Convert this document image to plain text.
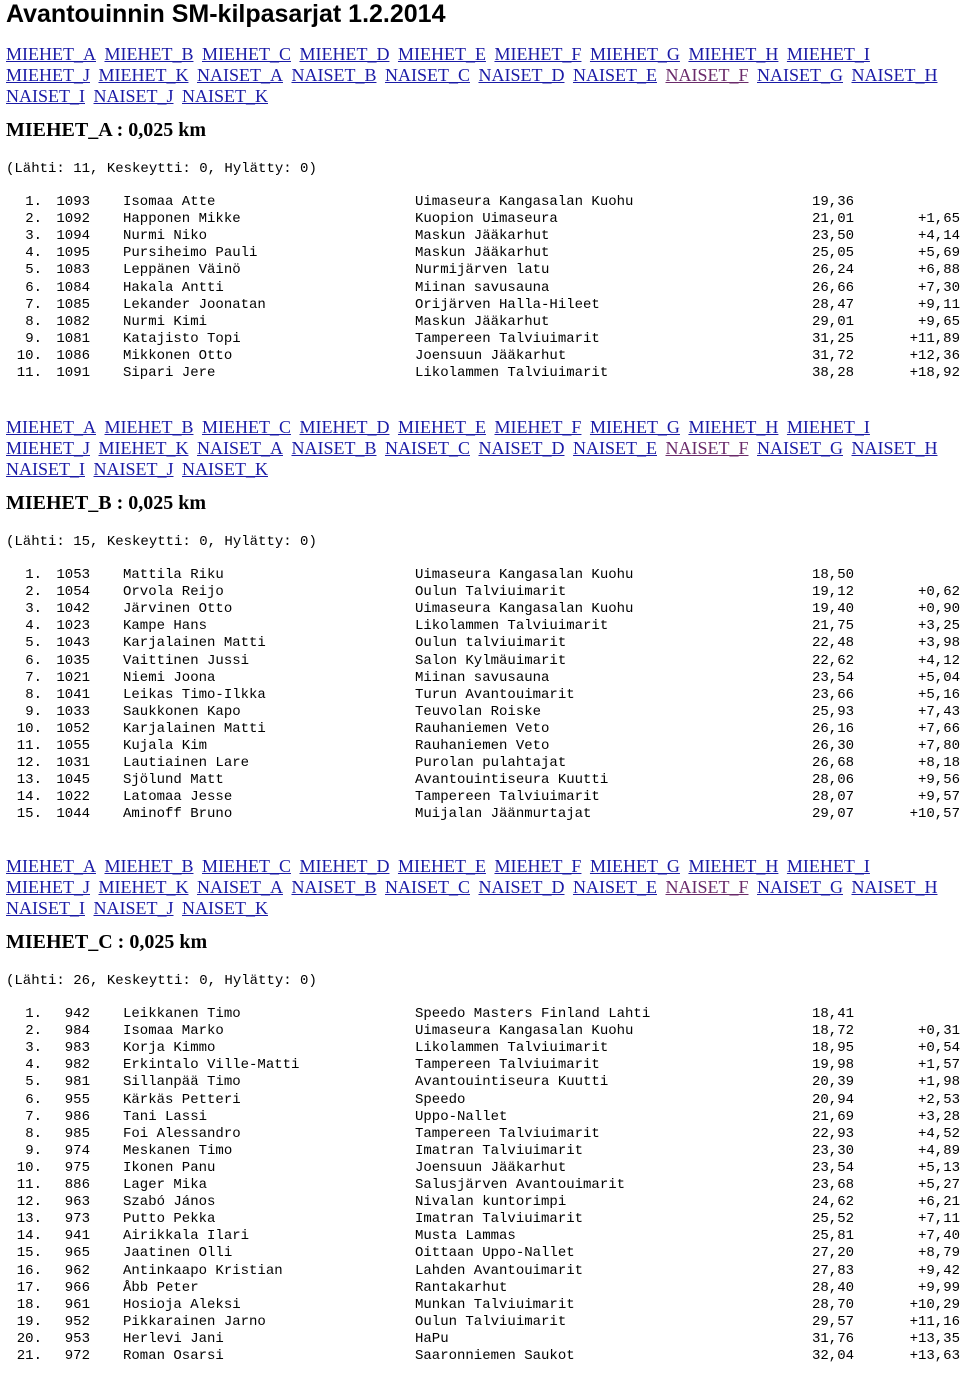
Avantouinnin SM-kilpasarjat 1.2.2014
MIEHET_A MIEHET_B MIEHET_C MIEHET_D MIEHET_E MIEHET_F MIEHET_G MIEHET_H MIEHET_I MIEHET_J MIEHET_K NAISET_A NAISET_B NAISET_C NAISET_D NAISET_E NAISET_F NAISET_G NAISET_H NAISET_I NAISET_J NAISET_K
MIEHET_A : 0,025 km
(Lähti: 11, Keskeytti: 0, Hylätty: 0)
1.	1093 Isomaa Atte	Uimaseura Kangasalan Kuohu	19,36
2.	1092 Happonen Mikke	Kuopion Uimaseura	21,01	+1,65
3.	1094 Nurmi Niko	Maskun Jääkarhut	23,50	+4,14
4.	1095 Pursiheimo Pauli	Maskun Jääkarhut	25,05	+5,69
5.	1083 Leppänen Väinö	Nurmijärven latu	26,24	+6,88
6.	1084 Hakala Antti	Miinan savusauna	26,66	+7,30
7.	1085 Lekander Joonatan	Orijärven Halla-Hileet	28,47	+9,11
8.	1082 Nurmi Kimi	Maskun Jääkarhut	29,01	+9,65
9.	1081 Katajisto Topi	Tampereen Talviuimarit	31,25	+11,89
10.	1086 Mikkonen Otto	Joensuun Jääkarhut	31,72	+12,36
11.	1091 Sipari Jere	Likolammen Talviuimarit	38,28	+18,92
MIEHET_A MIEHET_B MIEHET_C MIEHET_D MIEHET_E MIEHET_F MIEHET_G MIEHET_H MIEHET_I MIEHET_J MIEHET_K NAISET_A NAISET_B NAISET_C NAISET_D NAISET_E NAISET_F NAISET_G NAISET_H NAISET_I NAISET_J NAISET_K
MIEHET_B : 0,025 km
(Lähti: 15, Keskeytti: 0, Hylätty: 0)
1.	1053 Mattila Riku	Uimaseura Kangasalan Kuohu	18,50
2.	1054 Orvola Reijo	Oulun Talviuimarit	19,12	+0,62
3.	1042 Järvinen Otto	Uimaseura Kangasalan Kuohu	19,40	+0,90
4.	1023 Kampe Hans	Likolammen Talviuimarit	21,75	+3,25
5.	1043 Karjalainen Matti	Oulun talviuimarit	22,48	+3,98
6.	1035 Vaittinen Jussi	Salon Kylmäuimarit	22,62	+4,12
7.	1021 Niemi Joona	Miinan savusauna	23,54	+5,04
8.	1041 Leikas Timo-Ilkka	Turun Avantouimarit	23,66	+5,16
9.	1033 Saukkonen Kapo	Teuvolan Roiske	25,93	+7,43
10.	1052 Karjalainen Matti	Rauhaniemen Veto	26,16	+7,66
11.	1055 Kujala Kim	Rauhaniemen Veto	26,30	+7,80
12.	1031 Lautiainen Lare	Purolan pulahtajat	26,68	+8,18
13.	1045 Sjölund Matt	Avantouintiseura Kuutti	28,06	+9,56
14.	1022 Latomaa Jesse	Tampereen Talviuimarit	28,07	+9,57
15.	1044 Aminoff Bruno	Muijalan Jäänmurtajat	29,07	+10,57
MIEHET_A MIEHET_B MIEHET_C MIEHET_D MIEHET_E MIEHET_F MIEHET_G MIEHET_H MIEHET_I MIEHET_J MIEHET_K NAISET_A NAISET_B NAISET_C NAISET_D NAISET_E NAISET_F NAISET_G NAISET_H NAISET_I NAISET_J NAISET_K
MIEHET_C : 0,025 km
(Lähti: 26, Keskeytti: 0, Hylätty: 0)
1.	942 Leikkanen Timo	Speedo Masters Finland Lahti	18,41
2.	984 Isomaa Marko	Uimaseura Kangasalan Kuohu	18,72	+0,31
3.	983 Korja Kimmo	Likolammen Talviuimarit	18,95	+0,54
4.	982 Erkintalo Ville-Matti	Tampereen Talviuimarit	19,98	+1,57
5.	981 Sillanpää Timo	Avantouintiseura Kuutti	20,39	+1,98
6.	955 Kärkäs Petteri	Speedo	20,94	+2,53
7.	986 Tani Lassi	Uppo-Nallet	21,69	+3,28
8.	985 Foi Alessandro	Tampereen Talviuimarit	22,93	+4,52
9.	974 Meskanen Timo	Imatran Talviuimarit	23,30	+4,89
10.	975 Ikonen Panu	Joensuun Jääkarhut	23,54	+5,13
11.	886 Lager Mika	Salusjärven Avantouimarit	23,68	+5,27
12.	963 Szabó János	Nivalan kuntorimpi	24,62	+6,21
13.	973 Putto Pekka	Imatran Talviuimarit	25,52	+7,11
14.	941 Airikkala Ilari	Musta Lammas	25,81	+7,40
15.	965 Jaatinen Olli	Oittaan Uppo-Nallet	27,20	+8,79
16.	962 Antinkaapo Kristian	Lahden Avantouimarit	27,83	+9,42
17.	966 Åbb Peter	Rantakarhut	28,40	+9,99
18.	961 Hosioja Aleksi	Munkan Talviuimarit	28,70	+10,29
19.	952 Pikkarainen Jarno	Oulun Talviuimarit	29,57	+11,16
20.	953 Herlevi Jani	HaPu	31,76	+13,35
21.	972 Roman Osarsi	Saaronniemen Saukot	32,04	+13,63
